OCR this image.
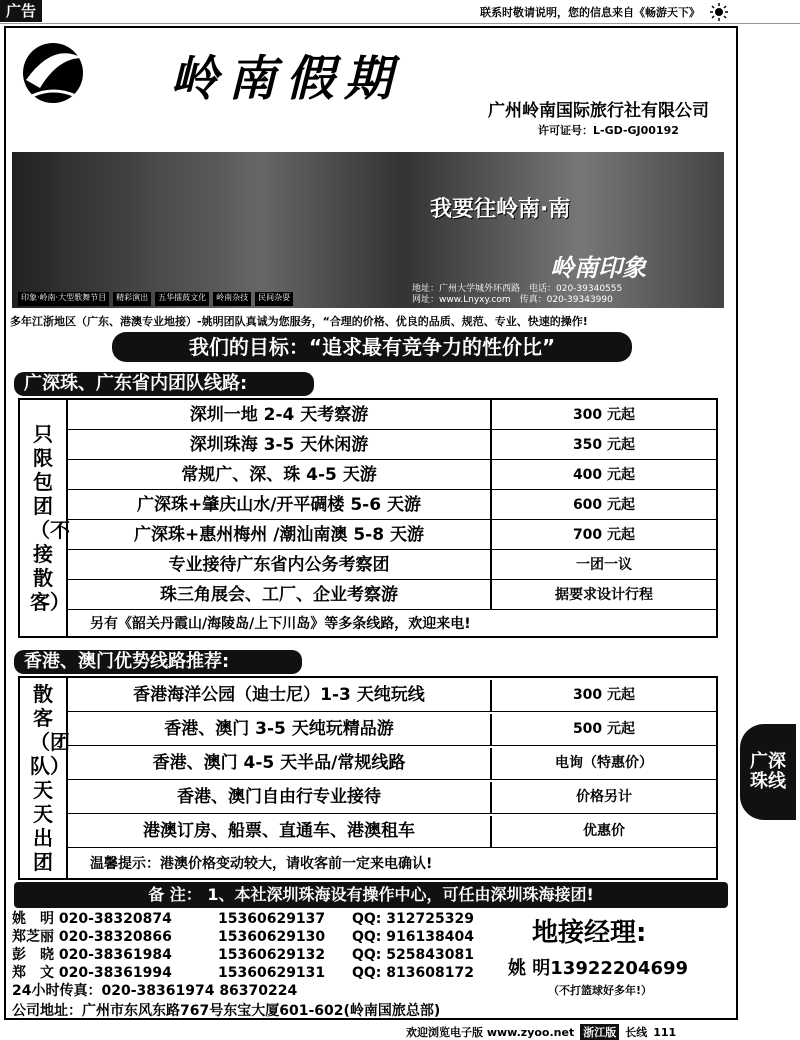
广告	联系时敬请说明，您的信息来自《畅游天下》
岭南假期
广州岭南国际旅行社有限公司
许可证号：L-GD-GJ00192
我要往岭南·南
岭南印象
印象·岭南·大型歌舞节目	精彩演出	五华擂鼓文化	岭南杂技	民间杂耍
地址：广州大学城外环西路　电话：020-39340555
网址：www.Lnyxy.com　传真：020-39343990
多年江浙地区（广东、港澳专业地接）-姚明团队真诚为您服务，“合理的价格、优良的品质、规范、专业、快速的操作!
我们的目标：“追求最有竞争力的性价比”
广深珠、广东省内团队线路:
只限包团（不接散客）
深圳一地 2-4 天考察游	300 元起
深圳珠海 3-5 天休闲游	350 元起
常规广、深、珠 4-5 天游	400 元起
广深珠+肇庆山水/开平碉楼 5-6 天游	600 元起
广深珠+惠州梅州 /潮汕南澳 5-8 天游	700 元起
专业接待广东省内公务考察团	一团一议
珠三角展会、工厂、企业考察游	据要求设计行程
另有《韶关丹霞山/海陵岛/上下川岛》等多条线路，欢迎来电!
香港、澳门优势线路推荐:
散客（团队）天天出团
香港海洋公园（迪士尼）1-3 天纯玩线	300 元起
香港、澳门 3-5 天纯玩精品游	500 元起
香港、澳门 4-5 天半品/常规线路	电询（特惠价）
香港、澳门自由行专业接待	价格另计
港澳订房、船票、直通车、港澳租车	优惠价
温馨提示：港澳价格变动较大，请收客前一定来电确认!
备 注： 1、本社深圳珠海设有操作中心，可任由深圳珠海接团!
姚　明 020-38320874	15360629137	QQ: 312725329
郑芝丽 020-38320866	15360629130	QQ: 916138404
彭　晓 020-38361984	15360629132	QQ: 525843081
郑　文 020-38361994	15360629131	QQ: 813608172
24小时传真：020-38361974 86370224
地接经理:
姚 明13922204699
（不打篮球好多年!）
公司地址：广州市东风东路767号东宝大厦601-602(岭南国旅总部)
广深珠线
欢迎浏览电子版 www.zyoo.net 浙江版 长线 111
